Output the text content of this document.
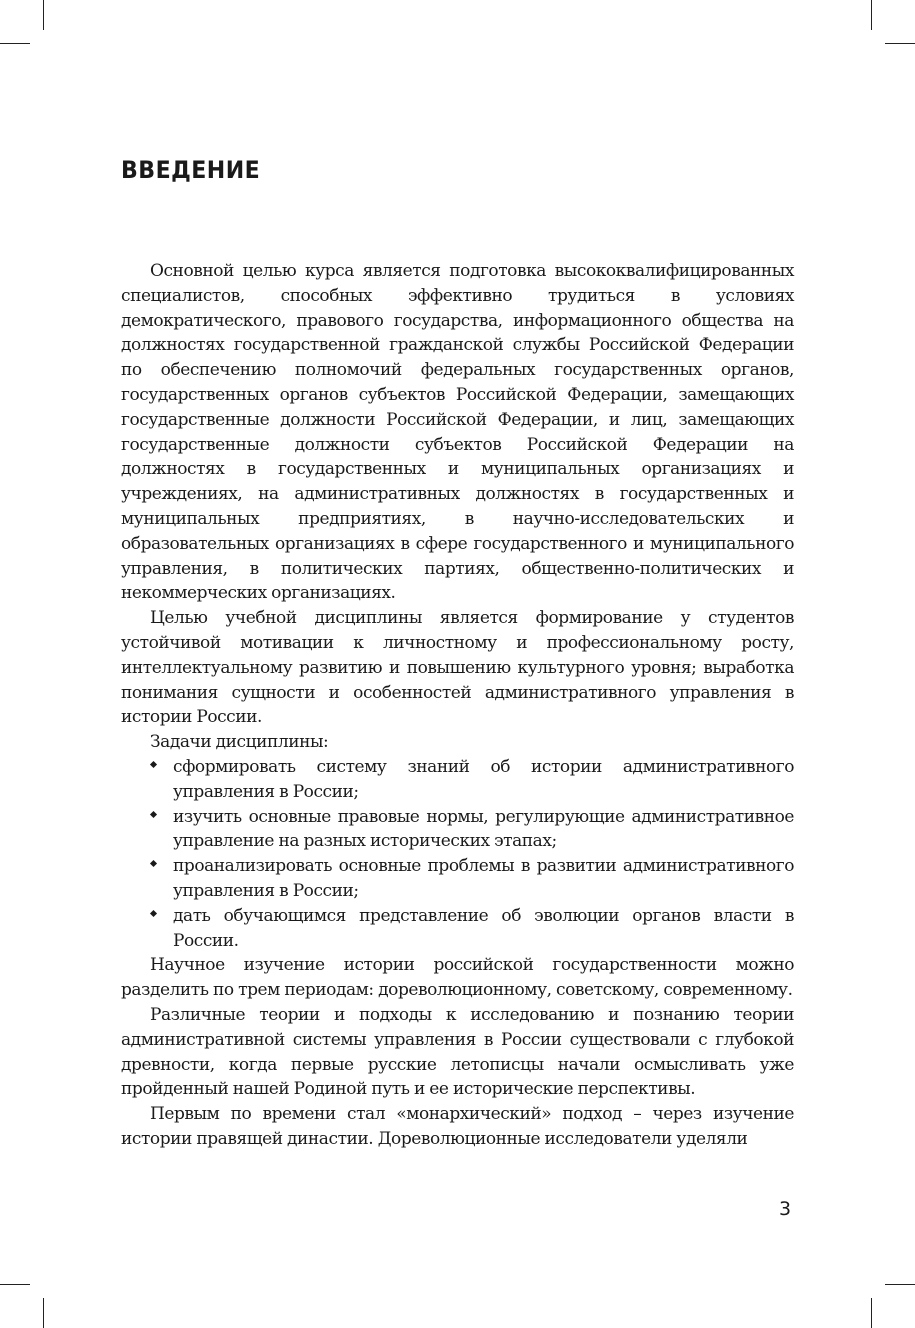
ВВЕДЕНИЕ

Основной целью курса является подготовка высококвалифицированных специалистов, способных эффективно трудиться в условиях демократического, правового государства, информационного общества на должностях государственной гражданской службы Российской Федерации по обеспечению полномочий федеральных государственных органов, государственных органов субъектов Российской Федерации, замещающих государственные должности Российской Федерации, и лиц, замещающих государственные должности субъектов Российской Федерации на должностях в государственных и муниципальных организациях и учреждениях, на административных должностях в государственных и муниципальных предприятиях, в научно-исследовательских и образовательных организациях в сфере государственного и муниципального управления, в политических партиях, общественно-политических и некоммерческих организациях.

Целью учебной дисциплины является формирование у студентов устойчивой мотивации к личностному и профессиональному росту, интеллектуальному развитию и повышению культурного уровня; выработка понимания сущности и особенностей административного управления в истории России.

Задачи дисциплины:

сформировать систему знаний об истории административного управления в России;
изучить основные правовые нормы, регулирующие административное управление на разных исторических этапах;
проанализировать основные проблемы в развитии административного управления в России;
дать обучающимся представление об эволюции органов власти в России.

Научное изучение истории российской государственности можно разделить по трем периодам: дореволюционному, советскому, современному.

Различные теории и подходы к исследованию и познанию теории административной системы управления в России существовали с глубокой древности, когда первые русские летописцы начали осмысливать уже пройденный нашей Родиной путь и ее исторические перспективы.

Первым по времени стал «монархический» подход – через изучение истории правящей династии. Дореволюционные исследователи уделяли

3
